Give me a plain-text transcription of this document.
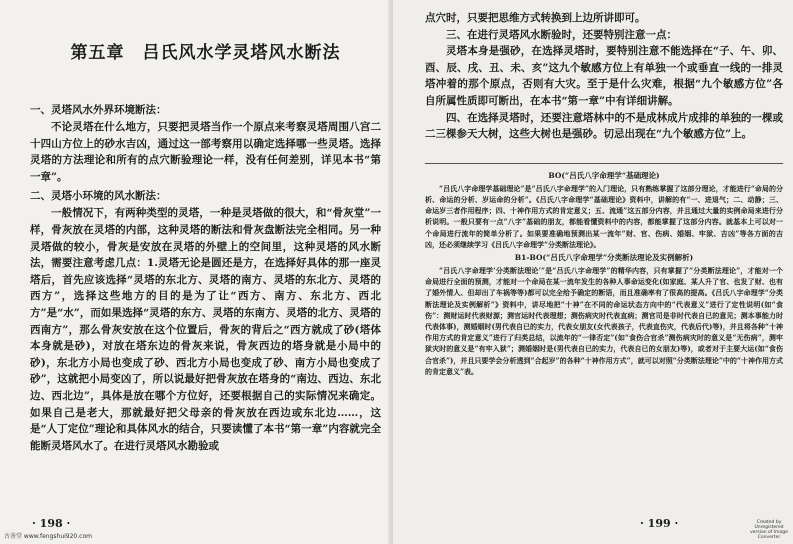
第五章　吕氏风水学灵塔风水断法
一、灵塔风水外界环境断法：

不论灵塔在什么地方，只要把灵塔当作一个原点来考察灵塔周围八宫二十四山方位上的砂水吉凶，通过这一部考察用以确定选择哪一些灵塔。选择灵塔的方法理论和所有的点穴断验理论一样，没有任何差别，详见本书“第一章”。

二、灵塔小环境的风水断法：

一般情况下，有两种类型的灵塔，一种是灵塔做的很大，和“骨灰堂”一样，骨灰放在灵塔的内部，这种灵塔的断法和骨灰盘断法完全相同。另一种灵塔做的较小，骨灰是安放在灵塔的外壁上的空间里，这种灵塔的风水断法，需要注意考虑几点：1.灵塔无论是圆还是方，在选择好具体的那一座灵塔后，首先应该选择“灵塔的东北方、灵塔的南方、灵塔的东北方、灵塔的西方”，选择这些地方的目的是为了让“西方、南方、东北方、西北方”是“水”，而如果选择“灵塔的东方、灵塔的东南方、灵塔的北方、灵塔的西南方”，那么骨灰安放在这个位置后，骨灰的背后之“西方就成了砂(塔体本身就是砂)，对放在塔东边的骨灰来说，骨灰西边的塔身就是小局中的砂)，东北方小局也变成了砂、西北方小局也变成了砂、南方小局也变成了砂”，这就把小局变凶了，所以说最好把骨灰放在塔身的“南边、西边、东北边、西北边”，具体是放在哪个方位好，还要根据自己的实际情况来确定。如果自己是老大，那就最好把父母亲的骨灰放在西边或东北边……，这是“人丁定位”理论和具体风水的结合，只要读懂了本书“第一章”内容就完全能断灵塔风水了。在进行灵塔风水勘验或

点穴时，只要把思维方式转换到上边所讲即可。

三、在进行灵塔风水断验时，还要特别注意一点：

灵塔本身是强砂，在选择灵塔时，要特别注意不能选择在“子、午、卯、酉、辰、戌、丑、未、亥”这九个敏感方位上有单独一个或垂直一线的一排灵塔冲着的那个原点，否则有大灾。至于是什么灾难，根据“九个敏感方位”各自所属性质即可断出，在本书“第一章”中有详细讲解。

四、在选择灵塔时，还要注意塔林中的不是成林成片成排的单独的一棵或二三棵参天大树，这些大树也是强砂。切忌出现在“九个敏感方位”上。

BO(“吕氏八字命理学“基础理论)

“吕氏八字命理学基础理论”是“吕氏八字命理学”的入门理论，只有熟练掌握了这部分理论，才能进行“命局的分析、命运的分析、岁运命的分析”。《吕氏八字命理学“基础理论》资料中，讲解的有“一、进退气；二、动静；三、命运岁三者作用程序；四、十神作用方式的肯定意义；五、流通”这五部分内容，并且通过大量的实例命局来进行分析说明。一般只要有一点“八字”基础的朋友，都能看懂资料中的内容，都能掌握了这部分内容。就基本上可以对一个命局进行流年的简单分析了。如果要准确地预测出某一流年“财、官、伤病、婚姻、牢狱、吉凶”等各方面的吉凶，还必须继续学习《吕氏八字命理学“分类断法理论》。

B1-BO(“吕氏八字命理学”分类断法理论及实例解析)

“吕氏八字命理学‘分类断法理论’”是“吕氏八字命理学”的精华内容，只有掌握了“分类断法理论”，才能对一个命局进行全面的预测，才能对一个命局在某一流年发生的各种人事命运变化(如家庭、某人升了官、也发了财、也有了婚外情人、但却出了车祸等等)都可以完全给予确定的断语，而且准确率有了很高的提高。《吕氏八字命理学“分类断法理论及实例解析”》资料中，讲尽地把“十神”在不同的命运状态方向中的“代表意义”进行了定性说明(如“食伤”：测财运时代表财源；测官运时代表理想；测伤病灾时代表直病；测官司是非时代表自已的意见；测本事能力时代表体事)，测婚姻时(男代表自已的实力，代表女朋友(女代表孩子，代表直伤灾，代表后代)等)，并且将各种“十神作用方式的肯定意义”进行了归类总结，以流年的“一律否定”(如“食伤合官杀”测伤病灾时的意义是“无伤病”，测牢狱灾时的意义是“有牢入狱”；测婚姻时是(男代表自已的实力，代表自已的女朋友)等)，或者对于主要大运(如“食伤合官杀”)，并且只要学会分析透到“合起岁”的各种“十神作用方式”，就可以对照“分类断法理论”中的“十神作用方式的肯定意义”表。

· 198 ·	· 199 ·
古善堂 www.fengshui920.com
Created by Unregistered version of Image Converter
